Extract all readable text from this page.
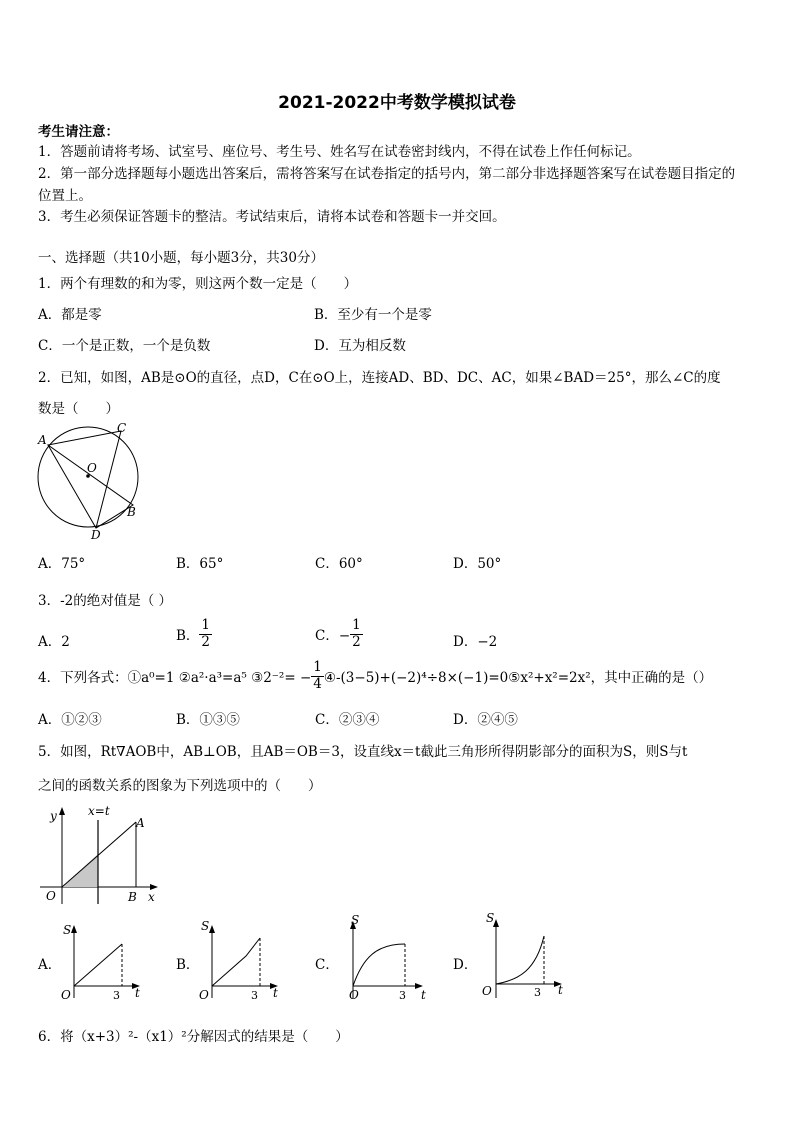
2021-2022中考数学模拟试卷
考生请注意：
1．答题前请将考场、试室号、座位号、考生号、姓名写在试卷密封线内，不得在试卷上作任何标记。
2．第一部分选择题每小题选出答案后，需将答案写在试卷指定的括号内，第二部分非选择题答案写在试卷题目指定的
位置上。
3．考生必须保证答题卡的整洁。考试结束后，请将本试卷和答题卡一并交回。
一、选择题（共10小题，每小题3分，共30分）
1．两个有理数的和为零，则这两个数一定是（　　）
A．都是零	B．至少有一个是零
C．一个是正数，一个是负数	D．互为相反数
2．已知，如图，AB是⊙O的直径，点D，C在⊙O上，连接AD、BD、DC、AC，如果∠BAD＝25°，那么∠C的度
数是（　　）
A
C
O
D
B
A．75°	B．65°	C．60°	D．50°
3．-2的绝对值是（ ）
A．2	B． $\frac{1}{2}$	C．− $\frac{1}{2}$	D．−2
4．下列各式：①a⁰=1 ②a²·a³=a⁵ ③2⁻²= − $\frac{1}{4}$ ④-(3−5)+(−2)⁴÷8×(−1)=0⑤x²+x²=2x²，其中正确的是（）
A．①②③	B．①③⑤	C．②③④	D．②④⑤
5．如图，Rt∇AOB中，AB⊥OB，且AB＝OB＝3，设直线x＝t截此三角形所得阴影部分的面积为S，则S与t
之间的函数关系的图象为下列选项中的（　　）
y	x=t
A
O	B x
A．
S
O	3 t
B．
S
O	3 t
C．
S
O	3 t
D．
S
O	3 t
6．将（x+3）²-（x1）²分解因式的结果是（　　）
